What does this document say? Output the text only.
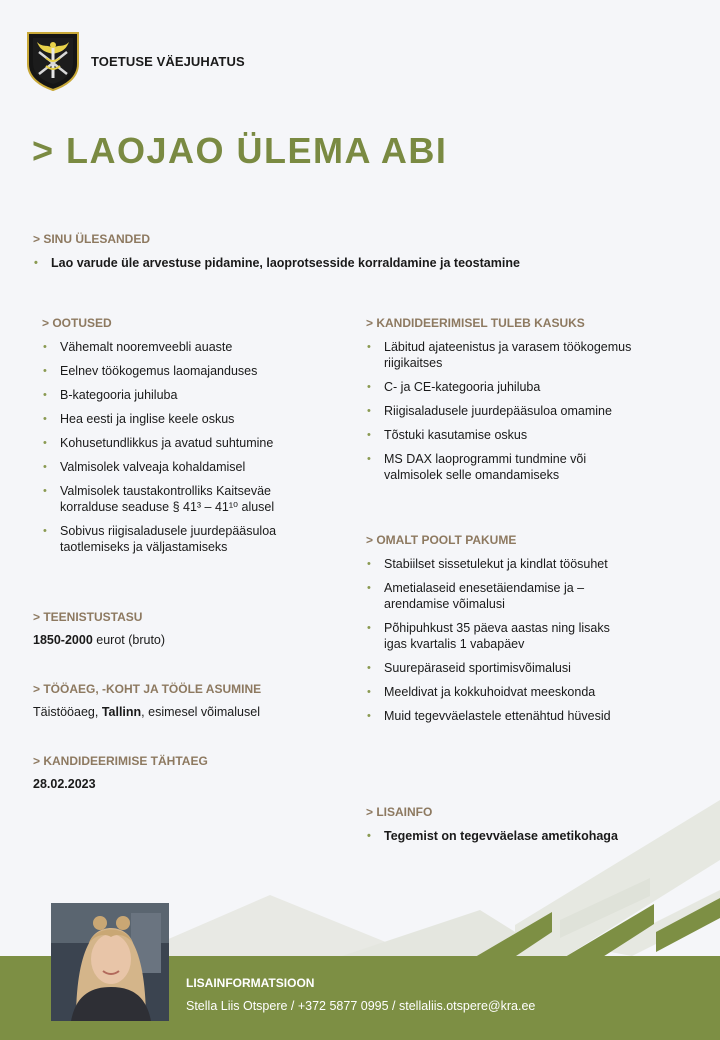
TOETUSE VÄEJUHATUS
> LAOJAO ÜLEMA ABI
> SINU ÜLESANDED
• Lao varude üle arvestuse pidamine, laoprotsesside korraldamine ja teostamine
> OOTUSED
• Vähemalt nooremveebli auaste
• Eelnev töökogemus laomajanduses
• B-kategooria juhiluba
• Hea eesti ja inglise keele oskus
• Kohusetundlikkus ja avatud suhtumine
• Valmisolek valveaja kohaldamisel
• Valmisolek taustakontrolliks Kaitseväe korralduse seaduse § 41³ – 41¹⁰ alusel
• Sobivus riigisaladusele juurdepääsuloa taotlemiseks ja väljastamiseks
> TEENISTUSTASU
1850-2000 eurot (bruto)
> TÖÖAEG, -KOHT JA TÖÖLE ASUMINE
Täistööaeg, Tallinn, esimesel võimalusel
> KANDIDEERIMISE TÄHTAEG
28.02.2023
> KANDIDEERIMISEL TULEB KASUKS
• Läbitud ajateenistus ja varasem töökogemus riigikaitses
• C- ja CE-kategooria juhiluba
• Riigisaladusele juurdepääsuloa omamine
• Tõstuki kasutamise oskus
• MS DAX laoprogrammi tundmine või valmisolek selle omandamiseks
> OMALT POOLT PAKUME
• Stabiilset sissetulekut ja kindlat töösuhet
• Ametialaseid enesetäiendamise ja –arendamise võimalusi
• Põhipuhkust 35 päeva aastas ning lisaks igas kvartalis 1 vabapäev
• Suurepäraseid sportimisvõimalusi
• Meeldivat ja kokkuhoidvat meeskonda
• Muid tegevväelastele ettenähtud hüvesid
> LISAINFO
• Tegemist on tegevväelase ametikohaga
LISAINFORMATSIOON
Stella Liis Otspere / +372 5877 0995 / stellaliis.otspere@kra.ee
